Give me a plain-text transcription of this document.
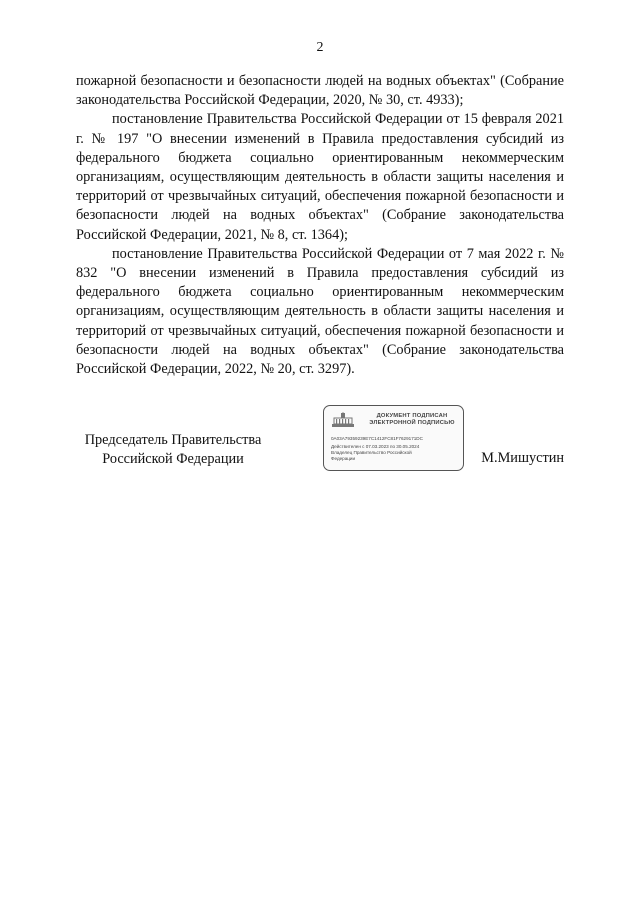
2

пожарной безопасности и безопасности людей на водных объектах" (Собрание законодательства Российской Федерации, 2020, № 30, ст. 4933);

постановление Правительства Российской Федерации от 15 февраля 2021 г. № 197 "О внесении изменений в Правила предоставления субсидий из федерального бюджета социально ориентированным некоммерческим организациям, осуществляющим деятельность в области защиты населения и территорий от чрезвычайных ситуаций, обеспечения пожарной безопасности и безопасности людей на водных объектах" (Собрание законодательства Российской Федерации, 2021, № 8, ст. 1364);

постановление Правительства Российской Федерации от 7 мая 2022 г. № 832 "О внесении изменений в Правила предоставления субсидий из федерального бюджета социально ориентированным некоммерческим организациям, осуществляющим деятельность в области защиты населения и территорий от чрезвычайных ситуаций, обеспечения пожарной безопасности и безопасности людей на водных объектах" (Собрание законодательства Российской Федерации, 2022, № 20, ст. 3297).

Председатель Правительства
Российской Федерации
ДОКУМЕНТ ПОДПИСАН
ЭЛЕКТРОННОЙ ПОДПИСЬЮ
0A03A79359239E7C1412FC81F7629171DC
Действителен с 07.03.2023 по 30.05.2024
Владелец Правительство Российской
Федерации	М.Мишустин
